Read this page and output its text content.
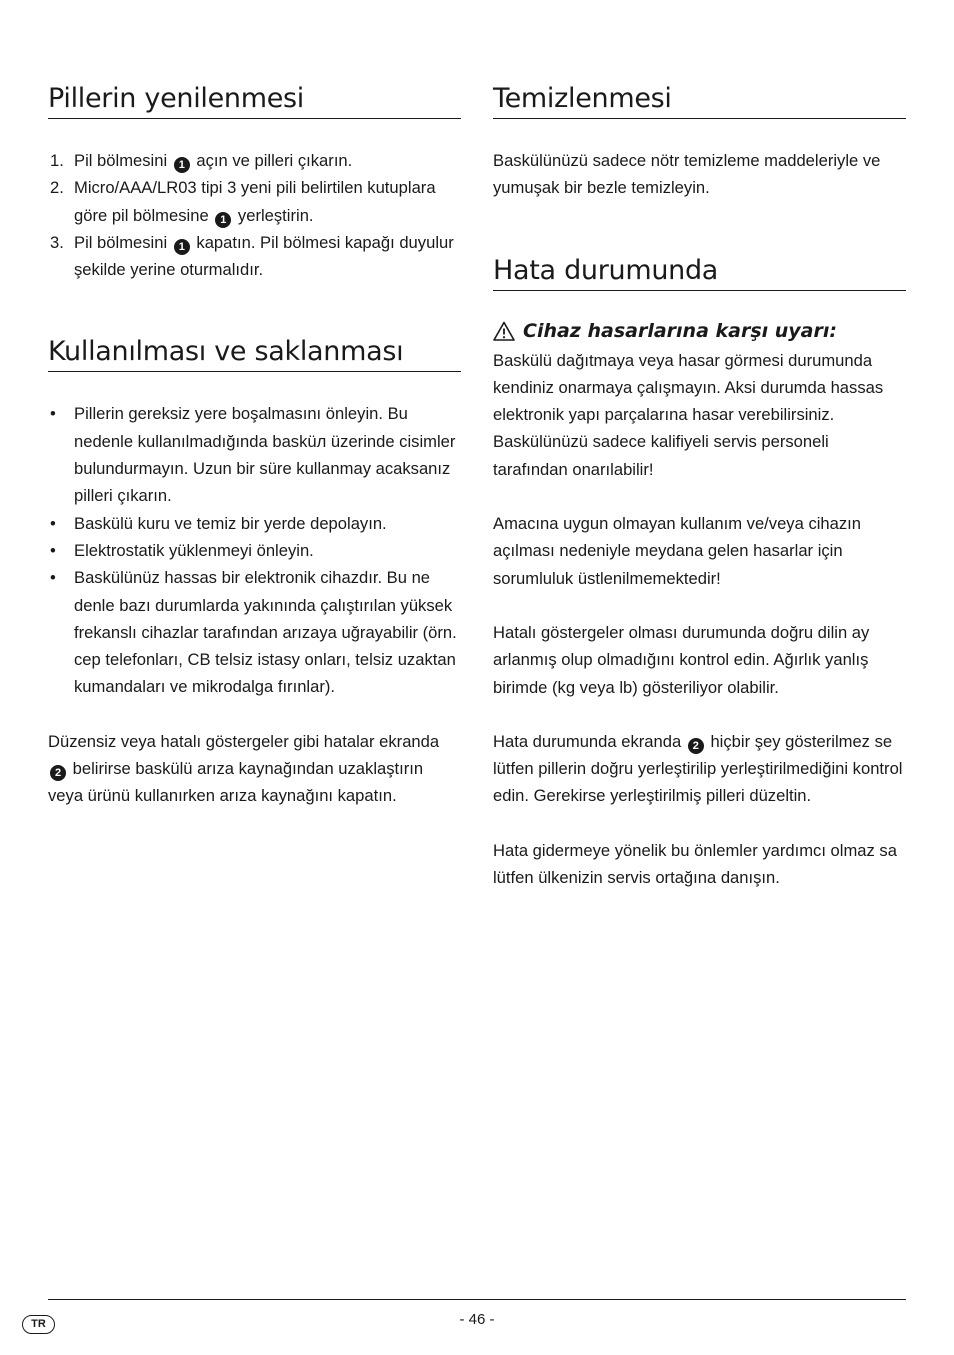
Pillerin yenilenmesi
1. Pil bölmesini 1 açın ve pilleri çıkarın.
2. Micro/AAA/LR03 tipi 3 yeni pili belirtilen kutuplara göre pil bölmesine 1 yerleştirin.
3. Pil bölmesini 1 kapatın. Pil bölmesi kapağı duyulur şekilde yerine oturmalıdır.
Kullanılması ve saklanması
• Pillerin gereksiz yere boşalmasını önleyin. Bu nedenle kullanılmadığında basküл üzerinde cisimler bulundurmayın. Uzun bir süre kullanmay acaksanız pilleri çıkarın.
• Baskülü kuru ve temiz bir yerde depolayın.
• Elektrostatik yüklenmeyi önleyin.
• Baskülünüz hassas bir elektronik cihazdır. Bu ne denle bazı durumlarda yakınında çalıştırılan yüksek frekanslı cihazlar tarafından arızaya uğrayabilir (örn. cep telefonları, CB telsiz istasy onları, telsiz uzaktan kumandaları ve mikrodalga fırınlar).

Düzensiz veya hatalı göstergeler gibi hatalar ekranda 2 belirirse baskülü arıza kaynağından uzaklaştırın veya ürünü kullanırken arıza kaynağını kapatın.

Temizlenmesi

Baskülünüzü sadece nötr temizleme maddeleriyle ve yumuşak bir bezle temizleyin.

Hata durumunda
Cihaz hasarlarına karşı uyarı:

Baskülü dağıtmaya veya hasar görmesi durumunda kendiniz onarmaya çalışmayın. Aksi durumda hassas elektronik yapı parçalarına hasar verebilirsiniz. Baskülünüzü sadece kalifiyeli servis personeli tarafından onarılabilir!

Amacına uygun olmayan kullanım ve/veya cihazın açılması nedeniyle meydana gelen hasarlar için sorumluluk üstlenilmemektedir!

Hatalı göstergeler olması durumunda doğru dilin ay arlanmış olup olmadığını kontrol edin. Ağırlık yanlış birimde (kg veya lb) gösteriliyor olabilir.

Hata durumunda ekranda 2 hiçbir şey gösterilmez se lütfen pillerin doğru yerleştirilip yerleştirilmediğini kontrol edin. Gerekirse yerleştirilmiş pilleri düzeltin.

Hata gidermeye yönelik bu önlemler yardımcı olmaz sa lütfen ülkenizin servis ortağına danışın.

TR	- 46 -
